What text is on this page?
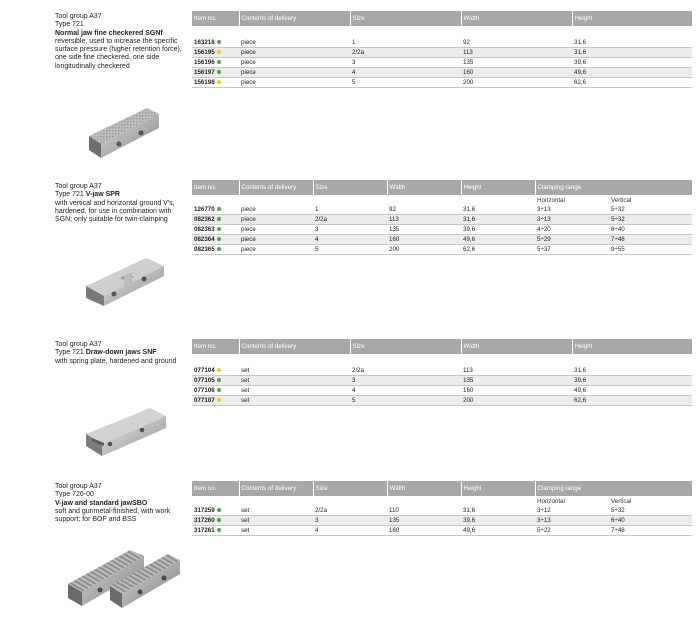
Tool group A37
Type 721
Normal jaw fine checkered SGNf
reversible, used to increase the specific surface pressure (higher retention force), one side fine checkered, one side longitudinally checkered
Item no.	Contents of delivery	Size	Width	Height

163218	piece	1	92	31,6
156195	piece	2/2a	113	31,6
156196	piece	3	135	39,6
156197	piece	4	160	49,6
156198	piece	5	200	62,6
Tool group A37
Type 721 V-jaw SPR
with vertical and horizontal ground V's, hardened, for use in combination with SGN; only suitable for twin-clamping
Item no.	Contents of delivery	Size	Width	Height	Clamping range	
					Horizontal	Vertical
126770	piece	1	92	31,6	3÷13	5÷32
082362	piece	2/2a	113	31,6	3÷13	5÷32
082363	piece	3	135	39,6	4÷20	6÷40
082364	piece	4	160	49,6	5÷29	7÷48
082365	piece	5	200	62,6	5÷37	9÷55
Tool group A37
Type 721 Draw-down jaws SNF
with spring plate, hardened and ground
Item no.	Contents of delivery	Size	Width	Height

077104	set	2/2a	113	31,6
077105	set	3	135	39,6
077106	set	4	160	49,6
077107	set	5	200	62,6
Tool group A37
Type 726-00
V-jaw and standard jawSBO
soft and gunmetal-finished, with work support; for BOF and BSS
Item no.	Contents of delivery	Size	Width	Height	Clamping range	
					Horizontal	Vertical
317259	set	2/2a	110	31,6	3÷12	5÷32
317260	set	3	135	39,6	3÷13	6÷40
317261	set	4	160	49,6	5÷22	7÷48
